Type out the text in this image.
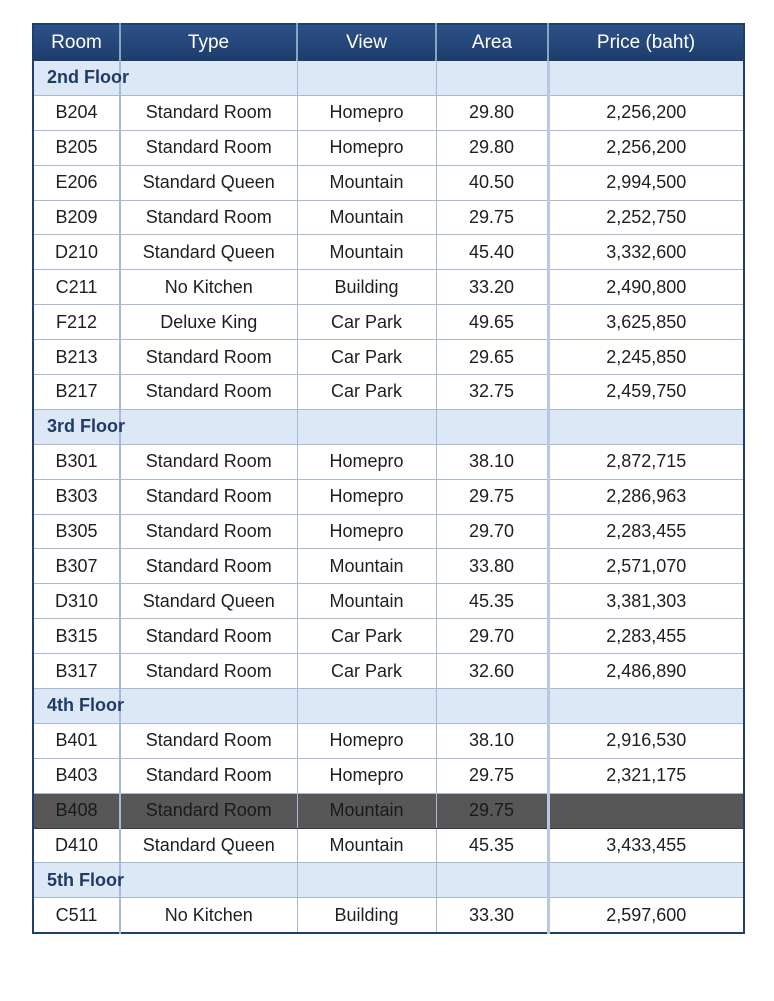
Room	Type	View	Area	Price (baht)
2nd Floor				
B204	Standard Room	Homepro	29.80	2,256,200
B205	Standard Room	Homepro	29.80	2,256,200
E206	Standard Queen	Mountain	40.50	2,994,500
B209	Standard Room	Mountain	29.75	2,252,750
D210	Standard Queen	Mountain	45.40	3,332,600
C211	No Kitchen	Building	33.20	2,490,800
F212	Deluxe King	Car Park	49.65	3,625,850
B213	Standard Room	Car Park	29.65	2,245,850
B217	Standard Room	Car Park	32.75	2,459,750
3rd Floor				
B301	Standard Room	Homepro	38.10	2,872,715
B303	Standard Room	Homepro	29.75	2,286,963
B305	Standard Room	Homepro	29.70	2,283,455
B307	Standard Room	Mountain	33.80	2,571,070
D310	Standard Queen	Mountain	45.35	3,381,303
B315	Standard Room	Car Park	29.70	2,283,455
B317	Standard Room	Car Park	32.60	2,486,890
4th Floor				
B401	Standard Room	Homepro	38.10	2,916,530
B403	Standard Room	Homepro	29.75	2,321,175
B408	Standard Room	Mountain	29.75	
D410	Standard Queen	Mountain	45.35	3,433,455
5th Floor				
C511	No Kitchen	Building	33.30	2,597,600
